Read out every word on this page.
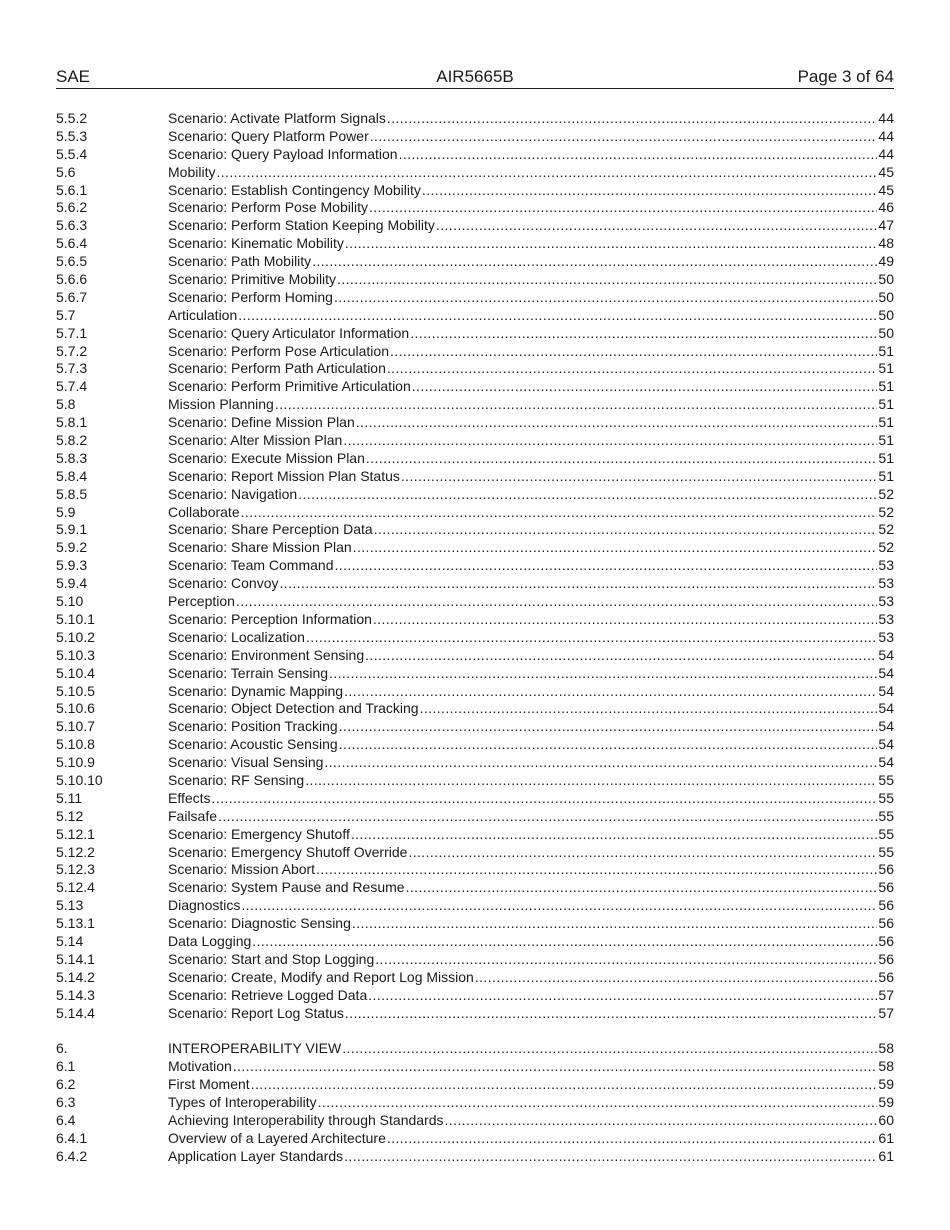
SAE	AIR5665B	Page 3 of 64
5.5.2	Scenario: Activate Platform Signals .....	44
5.5.3	Scenario: Query Platform Power .....	44
5.5.4	Scenario: Query Payload Information .....	44
5.6	Mobility .....	45
5.6.1	Scenario: Establish Contingency Mobility .....	45
5.6.2	Scenario: Perform Pose Mobility .....	46
5.6.3	Scenario: Perform Station Keeping Mobility .....	47
5.6.4	Scenario: Kinematic Mobility .....	48
5.6.5	Scenario: Path Mobility .....	49
5.6.6	Scenario: Primitive Mobility .....	50
5.6.7	Scenario: Perform Homing .....	50
5.7	Articulation .....	50
5.7.1	Scenario: Query Articulator Information .....	50
5.7.2	Scenario: Perform Pose Articulation .....	51
5.7.3	Scenario: Perform Path Articulation .....	51
5.7.4	Scenario: Perform Primitive Articulation .....	51
5.8	Mission Planning .....	51
5.8.1	Scenario: Define Mission Plan .....	51
5.8.2	Scenario: Alter Mission Plan .....	51
5.8.3	Scenario: Execute Mission Plan .....	51
5.8.4	Scenario: Report Mission Plan Status .....	51
5.8.5	Scenario: Navigation .....	52
5.9	Collaborate .....	52
5.9.1	Scenario: Share Perception Data .....	52
5.9.2	Scenario: Share Mission Plan .....	52
5.9.3	Scenario: Team Command .....	53
5.9.4	Scenario: Convoy .....	53
5.10	Perception .....	53
5.10.1	Scenario: Perception Information .....	53
5.10.2	Scenario: Localization .....	53
5.10.3	Scenario: Environment Sensing .....	54
5.10.4	Scenario: Terrain Sensing .....	54
5.10.5	Scenario: Dynamic Mapping .....	54
5.10.6	Scenario: Object Detection and Tracking .....	54
5.10.7	Scenario: Position Tracking .....	54
5.10.8	Scenario: Acoustic Sensing .....	54
5.10.9	Scenario: Visual Sensing .....	54
5.10.10	Scenario: RF Sensing .....	55
5.11	Effects .....	55
5.12	Failsafe .....	55
5.12.1	Scenario: Emergency Shutoff .....	55
5.12.2	Scenario: Emergency Shutoff Override .....	55
5.12.3	Scenario: Mission Abort .....	56
5.12.4	Scenario: System Pause and Resume .....	56
5.13	Diagnostics .....	56
5.13.1	Scenario: Diagnostic Sensing .....	56
5.14	Data Logging .....	56
5.14.1	Scenario: Start and Stop Logging .....	56
5.14.2	Scenario: Create, Modify and Report Log Mission .....	56
5.14.3	Scenario: Retrieve Logged Data .....	57
5.14.4	Scenario: Report Log Status .....	57
6.	INTEROPERABILITY VIEW .....	58
6.1	Motivation .....	58
6.2	First Moment .....	59
6.3	Types of Interoperability .....	59
6.4	Achieving Interoperability through Standards .....	60
6.4.1	Overview of a Layered Architecture .....	61
6.4.2	Application Layer Standards .....	61
